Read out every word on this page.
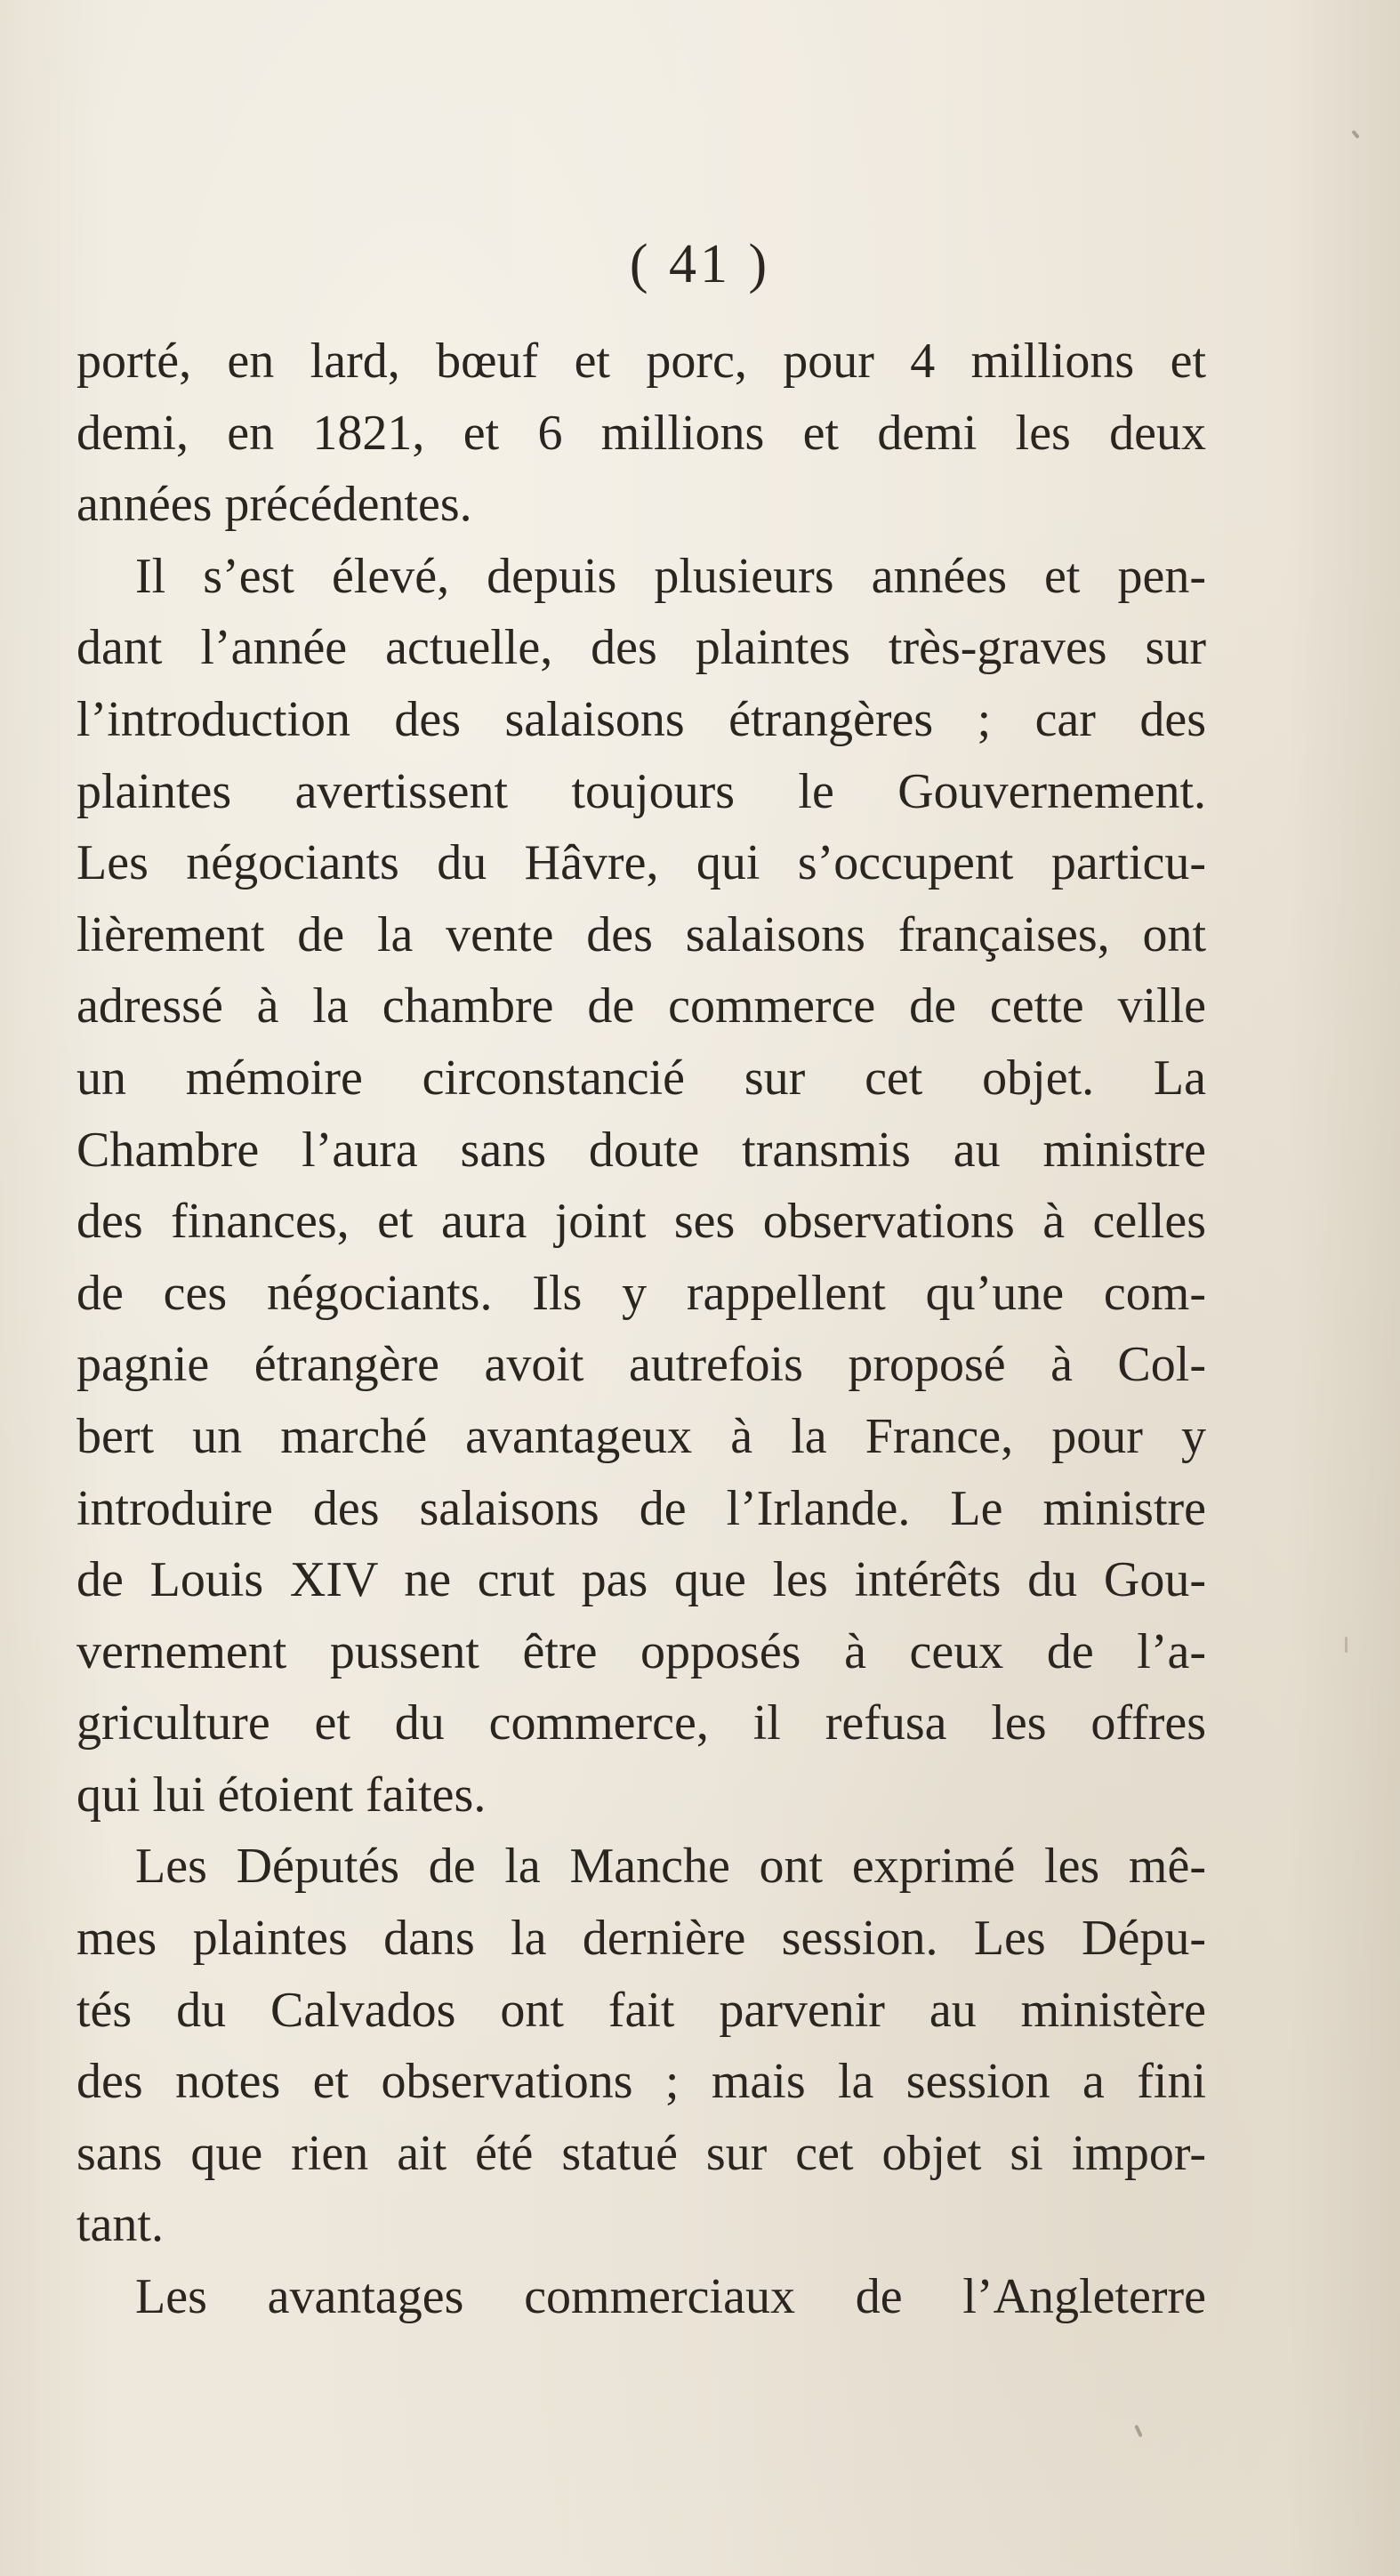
( 41 )
porté, en lard, bœuf et porc, pour 4 millions et
demi, en 1821, et 6 millions et demi les deux
années précédentes.
Il s’est élevé, depuis plusieurs années et pen-
dant l’année actuelle, des plaintes très-graves sur
l’introduction des salaisons étrangères ; car des
plaintes avertissent toujours le Gouvernement.
Les négociants du Hâvre, qui s’occupent particu-
lièrement de la vente des salaisons françaises, ont
adressé à la chambre de commerce de cette ville
un mémoire circonstancié sur cet objet. La
Chambre l’aura sans doute transmis au ministre
des finances, et aura joint ses observations à celles
de ces négociants. Ils y rappellent qu’une com-
pagnie étrangère avoit autrefois proposé à Col-
bert un marché avantageux à la France, pour y
introduire des salaisons de l’Irlande. Le ministre
de Louis XIV ne crut pas que les intérêts du Gou-
vernement pussent être opposés à ceux de l’a-
griculture et du commerce, il refusa les offres
qui lui étoient faites.
Les Députés de la Manche ont exprimé les mê-
mes plaintes dans la dernière session. Les Dépu-
tés du Calvados ont fait parvenir au ministère
des notes et observations ; mais la session a fini
sans que rien ait été statué sur cet objet si impor-
tant.
Les avantages commerciaux de l’Angleterre
